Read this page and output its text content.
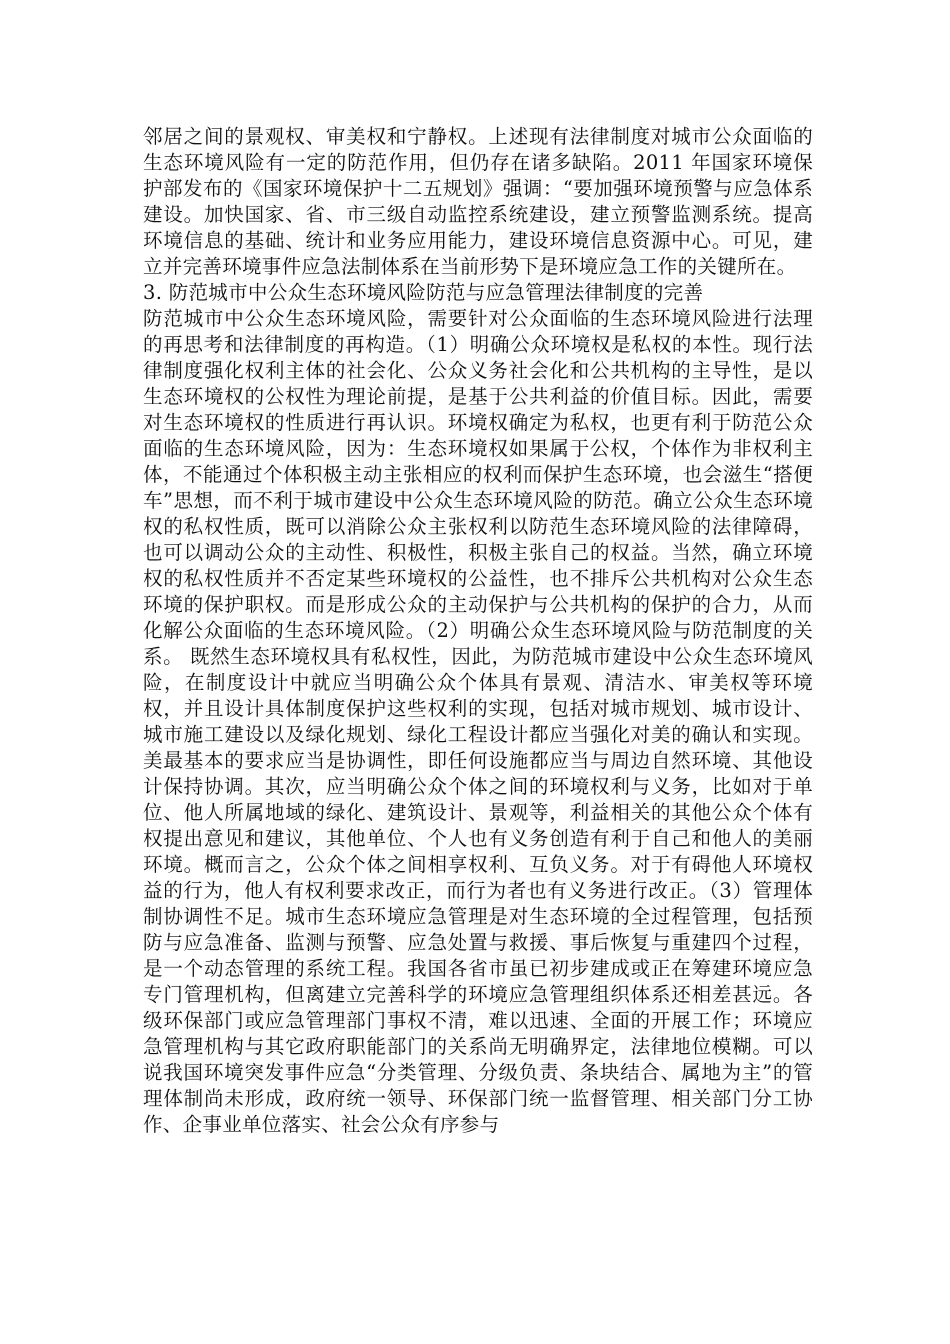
邻居之间的景观权、审美权和宁静权。上述现有法律制度对城市公众面临的生态环境风险有一定的防范作用，但仍存在诸多缺陷。2011 年国家环境保护部发布的《国家环境保护十二五规划》强调：“要加强环境预警与应急体系建设。加快国家、省、市三级自动监控系统建设，建立预警监测系统。提高环境信息的基础、统计和业务应用能力，建设环境信息资源中心。可见，建立并完善环境事件应急法制体系在当前形势下是环境应急工作的关键所在。

3. 防范城市中公众生态环境风险防范与应急管理法律制度的完善

防范城市中公众生态环境风险，需要针对公众面临的生态环境风险进行法理的再思考和法律制度的再构造。（1）明确公众环境权是私权的本性。现行法律制度强化权利主体的社会化、公众义务社会化和公共机构的主导性，是以生态环境权的公权性为理论前提，是基于公共利益的价值目标。因此，需要对生态环境权的性质进行再认识。环境权确定为私权，也更有利于防范公众面临的生态环境风险，因为：生态环境权如果属于公权，个体作为非权利主体，不能通过个体积极主动主张相应的权利而保护生态环境，也会滋生“搭便车”思想，而不利于城市建设中公众生态环境风险的防范。确立公众生态环境权的私权性质，既可以消除公众主张权利以防范生态环境风险的法律障碍，也可以调动公众的主动性、积极性，积极主张自己的权益。当然，确立环境权的私权性质并不否定某些环境权的公益性，也不排斥公共机构对公众生态环境的保护职权。而是形成公众的主动保护与公共机构的保护的合力，从而化解公众面临的生态环境风险。（2）明确公众生态环境风险与防范制度的关系。 既然生态环境权具有私权性，因此，为防范城市建设中公众生态环境风险，在制度设计中就应当明确公众个体具有景观、清洁水、审美权等环境权，并且设计具体制度保护这些权利的实现，包括对城市规划、城市设计、城市施工建设以及绿化规划、绿化工程设计都应当强化对美的确认和实现。美最基本的要求应当是协调性，即任何设施都应当与周边自然环境、其他设计保持协调。其次，应当明确公众个体之间的环境权利与义务，比如对于单位、他人所属地域的绿化、建筑设计、景观等，利益相关的其他公众个体有权提出意见和建议，其他单位、个人也有义务创造有利于自己和他人的美丽环境。概而言之，公众个体之间相享权利、互负义务。对于有碍他人环境权益的行为，他人有权利要求改正，而行为者也有义务进行改正。（3）管理体制协调性不足。城市生态环境应急管理是对生态环境的全过程管理，包括预防与应急准备、监测与预警、应急处置与救援、事后恢复与重建四个过程，是一个动态管理的系统工程。我国各省市虽已初步建成或正在筹建环境应急专门管理机构，但离建立完善科学的环境应急管理组织体系还相差甚远。各级环保部门或应急管理部门事权不清，难以迅速、全面的开展工作；环境应急管理机构与其它政府职能部门的关系尚无明确界定，法律地位模糊。可以说我国环境突发事件应急“分类管理、分级负责、条块结合、属地为主”的管理体制尚未形成，政府统一领导、环保部门统一监督管理、相关部门分工协作、企事业单位落实、社会公众有序参与
